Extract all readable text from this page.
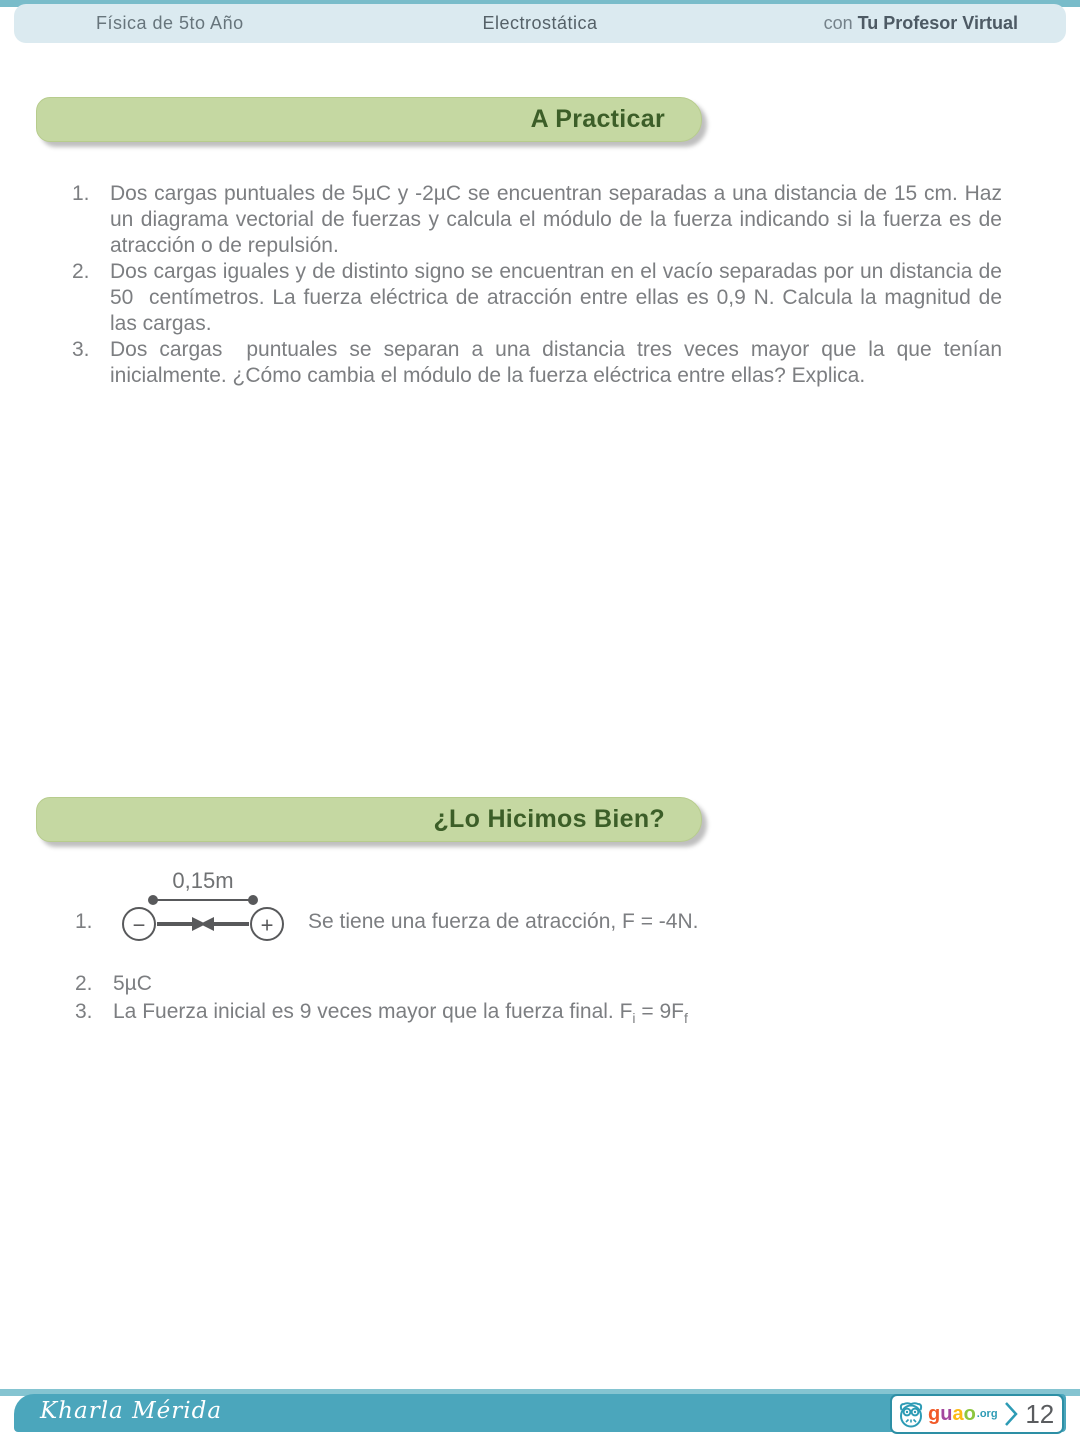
Física de 5to Año	Electrostática	con Tu Profesor Virtual
A Practicar
1. Dos cargas puntuales de 5µC y -2µC se encuentran separadas a una distancia de 15 cm. Haz un diagrama vectorial de fuerzas y calcula el módulo de la fuerza indicando si la fuerza es de atracción o de repulsión.
2. Dos cargas iguales y de distinto signo se encuentran en el vacío separadas por un distancia de 50  centímetros. La fuerza eléctrica de atracción entre ellas es 0,9 N. Calcula la magnitud de las cargas.
3. Dos cargas  puntuales se separan a una distancia tres veces mayor que la que tenían inicialmente. ¿Cómo cambia el módulo de la fuerza eléctrica entre ellas? Explica.
¿Lo Hicimos Bien?
0,15m
−	+
1.	Se tiene una fuerza de atracción, F = -4N.
2. 5µC
3. La Fuerza inicial es 9 veces mayor que la fuerza final. $F_i = 9F_f$
Kharla Mérida	guao .org 12
